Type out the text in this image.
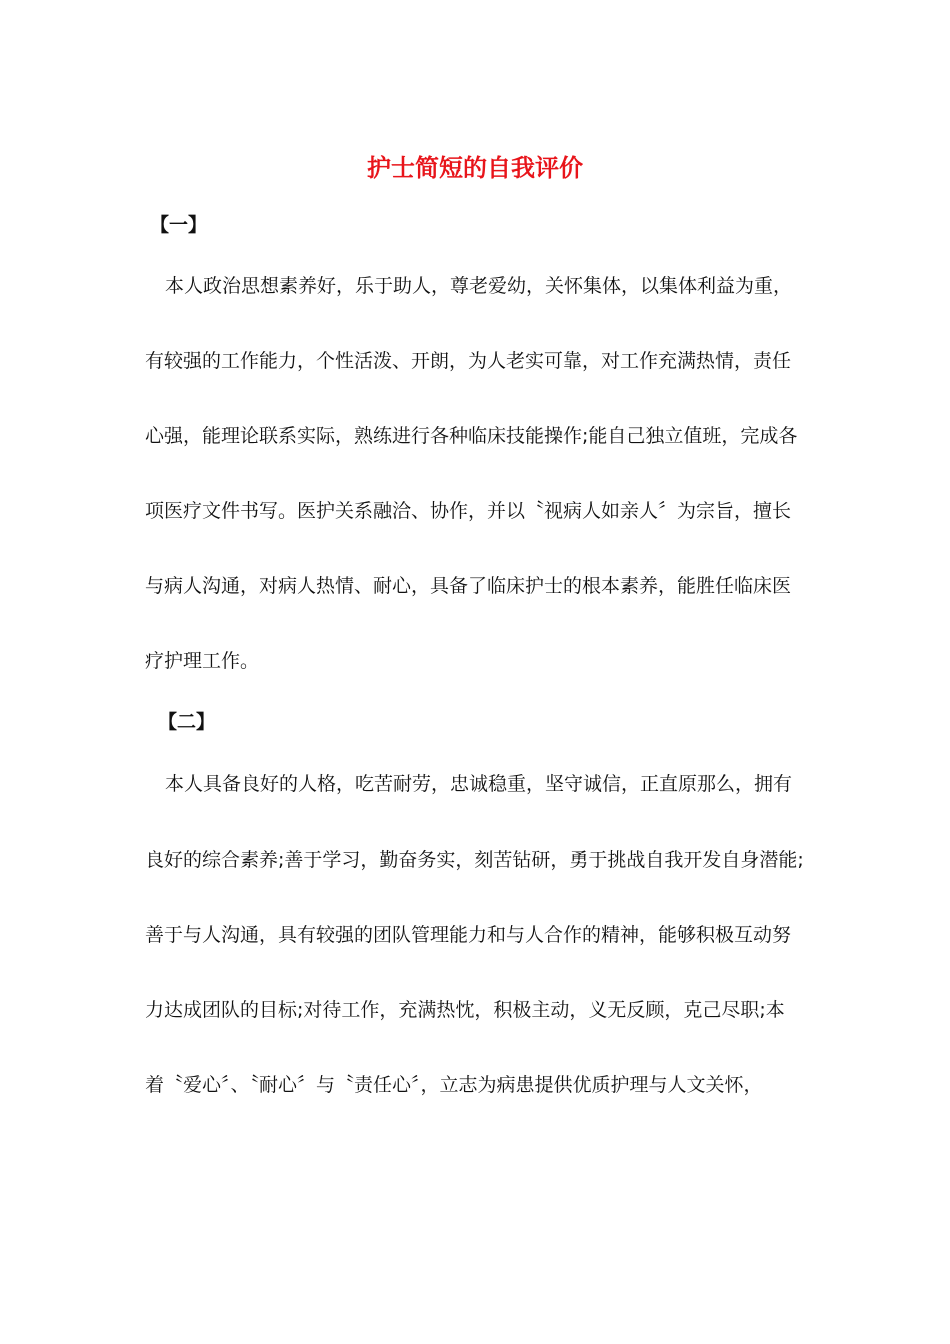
护士简短的自我评价
【一】

本人政治思想素养好，乐于助人，尊老爱幼，关怀集体，以集体利益为重，

有较强的工作能力，个性活泼、开朗，为人老实可靠，对工作充满热情，责任

心强，能理论联系实际，熟练进行各种临床技能操作;能自己独立值班，完成各

项医疗文件书写。医护关系融洽、协作，并以〝视病人如亲人〞为宗旨，擅长

与病人沟通，对病人热情、耐心，具备了临床护士的根本素养，能胜任临床医

疗护理工作。

【二】

本人具备良好的人格，吃苦耐劳，忠诚稳重，坚守诚信，正直原那么，拥有

良好的综合素养;善于学习，勤奋务实，刻苦钻研，勇于挑战自我开发自身潜能;

善于与人沟通，具有较强的团队管理能力和与人合作的精神，能够积极互动努

力达成团队的目标;对待工作，充满热忱，积极主动，义无反顾，克己尽职;本

着〝爱心〞、〝耐心〞与〝责任心〞，立志为病患提供优质护理与人文关怀，
